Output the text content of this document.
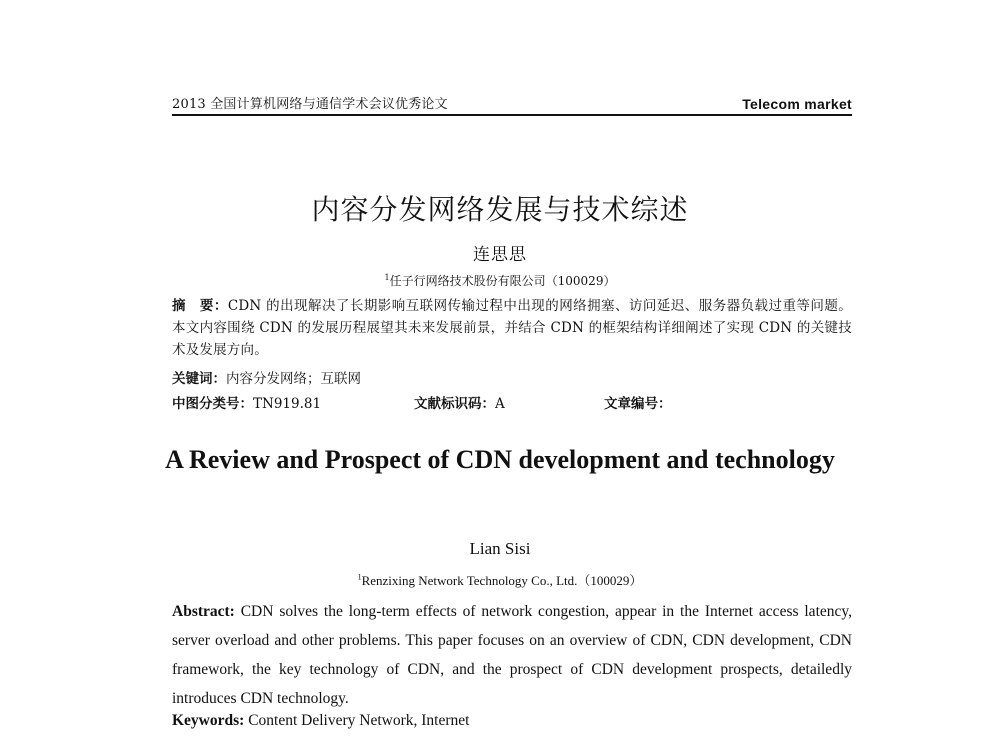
2013 全国计算机网络与通信学术会议优秀论文	Telecom market
内容分发网络发展与技术综述
连思思
$^1$任子行网络技术股份有限公司（100029）
摘　要：CDN 的出现解决了长期影响互联网传输过程中出现的网络拥塞、访问延迟、服务器负载过重等问题。本文内容围绕 CDN 的发展历程展望其未来发展前景，并结合 CDN 的框架结构详细阐述了实现 CDN 的关键技术及发展方向。
关键词：内容分发网络；互联网
中图分类号：TN919.81	文献标识码：A	文章编号：
A Review and Prospect of CDN development and technology
Lian Sisi
$^1$Renzixing Network Technology Co., Ltd.（100029）
Abstract: CDN solves the long-term effects of network congestion, appear in the Internet access latency, server overload and other problems. This paper focuses on an overview of CDN, CDN development, CDN framework, the key technology of CDN, and the prospect of CDN development prospects, detailedly introduces CDN technology.
Keywords: Content Delivery Network, Internet
